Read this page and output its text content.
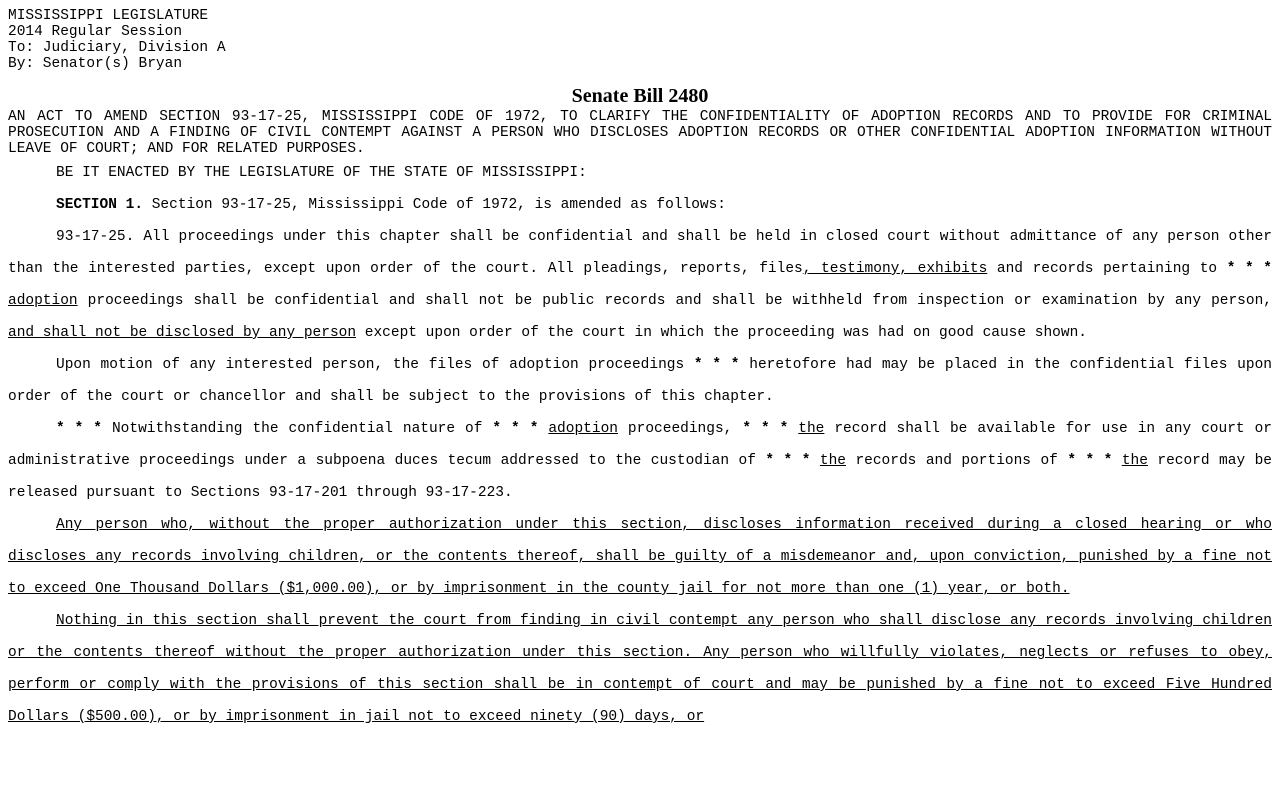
MISSISSIPPI LEGISLATURE
2014 Regular Session
To: Judiciary, Division A
By: Senator(s) Bryan
Senate Bill 2480
AN ACT TO AMEND SECTION 93-17-25, MISSISSIPPI CODE OF 1972, TO CLARIFY THE CONFIDENTIALITY OF ADOPTION RECORDS AND TO PROVIDE FOR CRIMINAL PROSECUTION AND A FINDING OF CIVIL CONTEMPT AGAINST A PERSON WHO DISCLOSES ADOPTION RECORDS OR OTHER CONFIDENTIAL ADOPTION INFORMATION WITHOUT LEAVE OF COURT; AND FOR RELATED PURPOSES.
BE IT ENACTED BY THE LEGISLATURE OF THE STATE OF MISSISSIPPI:
SECTION 1. Section 93-17-25, Mississippi Code of 1972, is amended as follows:
93-17-25. All proceedings under this chapter shall be confidential and shall be held in closed court without admittance of any person other than the interested parties, except upon order of the court. All pleadings, reports, files, testimony, exhibits and records pertaining to * * * adoption proceedings shall be confidential and shall not be public records and shall be withheld from inspection or examination by any person, and shall not be disclosed by any person except upon order of the court in which the proceeding was had on good cause shown.
Upon motion of any interested person, the files of adoption proceedings * * * heretofore had may be placed in the confidential files upon order of the court or chancellor and shall be subject to the provisions of this chapter.
* * * Notwithstanding the confidential nature of * * * adoption proceedings, * * * the record shall be available for use in any court or administrative proceedings under a subpoena duces tecum addressed to the custodian of * * * the records and portions of * * * the record may be released pursuant to Sections 93-17-201 through 93-17-223.
Any person who, without the proper authorization under this section, discloses information received during a closed hearing or who discloses any records involving children, or the contents thereof, shall be guilty of a misdemeanor and, upon conviction, punished by a fine not to exceed One Thousand Dollars ($1,000.00), or by imprisonment in the county jail for not more than one (1) year, or both.
Nothing in this section shall prevent the court from finding in civil contempt any person who shall disclose any records involving children or the contents thereof without the proper authorization under this section. Any person who willfully violates, neglects or refuses to obey, perform or comply with the provisions of this section shall be in contempt of court and may be punished by a fine not to exceed Five Hundred Dollars ($500.00), or by imprisonment in jail not to exceed ninety (90) days, or
